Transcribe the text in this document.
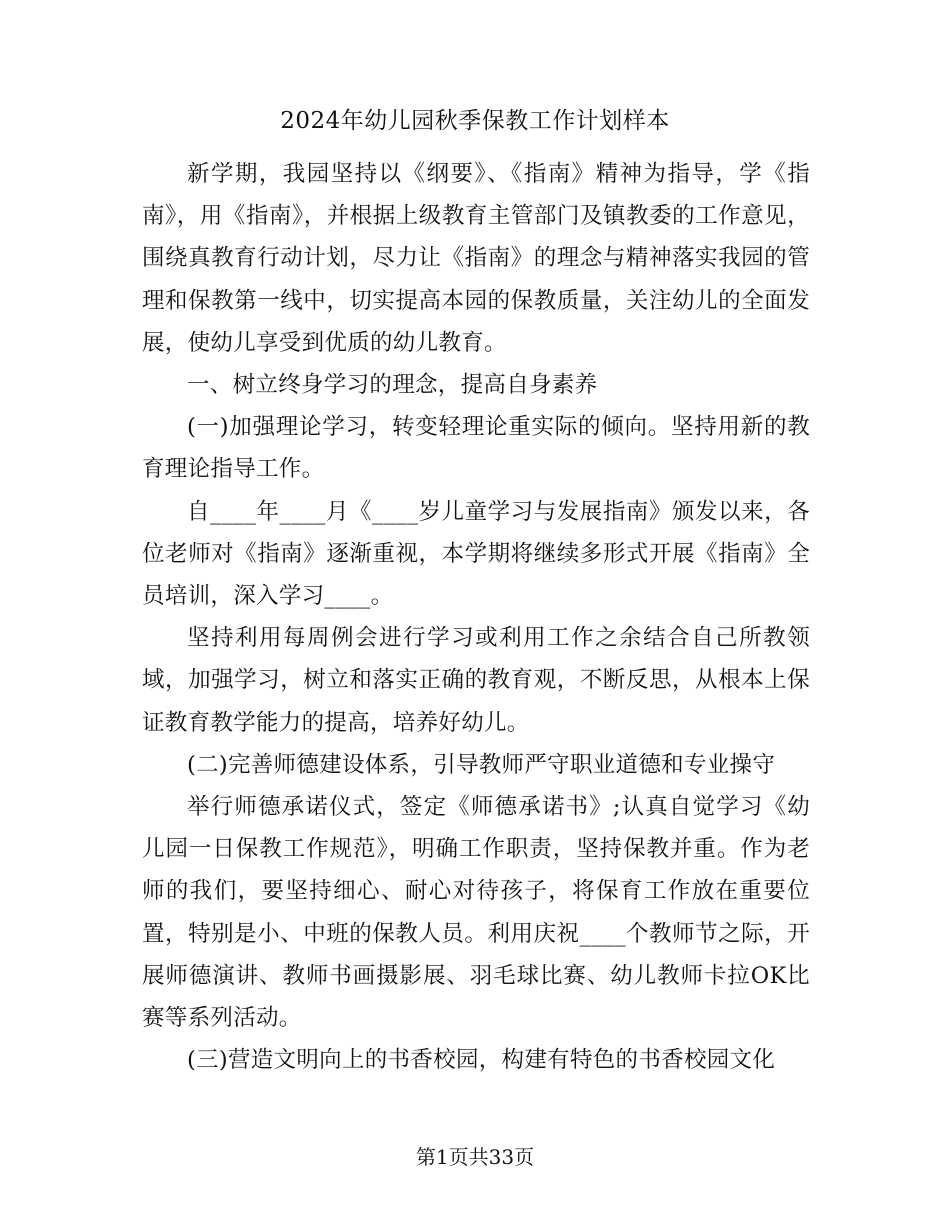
2024年幼儿园秋季保教工作计划样本

新学期，我园坚持以《纲要》、《指南》精神为指导，学《指南》，用《指南》，并根据上级教育主管部门及镇教委的工作意见，围绕真教育行动计划，尽力让《指南》的理念与精神落实我园的管理和保教第一线中，切实提高本园的保教质量，关注幼儿的全面发展，使幼儿享受到优质的幼儿教育。

一、树立终身学习的理念，提高自身素养

(一)加强理论学习，转变轻理论重实际的倾向。坚持用新的教育理论指导工作。

自____年____月《____岁儿童学习与发展指南》颁发以来，各位老师对《指南》逐渐重视，本学期将继续多形式开展《指南》全员培训，深入学习____。

坚持利用每周例会进行学习或利用工作之余结合自己所教领域，加强学习，树立和落实正确的教育观，不断反思，从根本上保证教育教学能力的提高，培养好幼儿。

(二)完善师德建设体系，引导教师严守职业道德和专业操守

举行师德承诺仪式，签定《师德承诺书》;认真自觉学习《幼儿园一日保教工作规范》，明确工作职责，坚持保教并重。作为老师的我们，要坚持细心、耐心对待孩子，将保育工作放在重要位置，特别是小、中班的保教人员。利用庆祝____个教师节之际，开展师德演讲、教师书画摄影展、羽毛球比赛、幼儿教师卡拉OK比赛等系列活动。

(三)营造文明向上的书香校园，构建有特色的书香校园文化

第1页共33页
